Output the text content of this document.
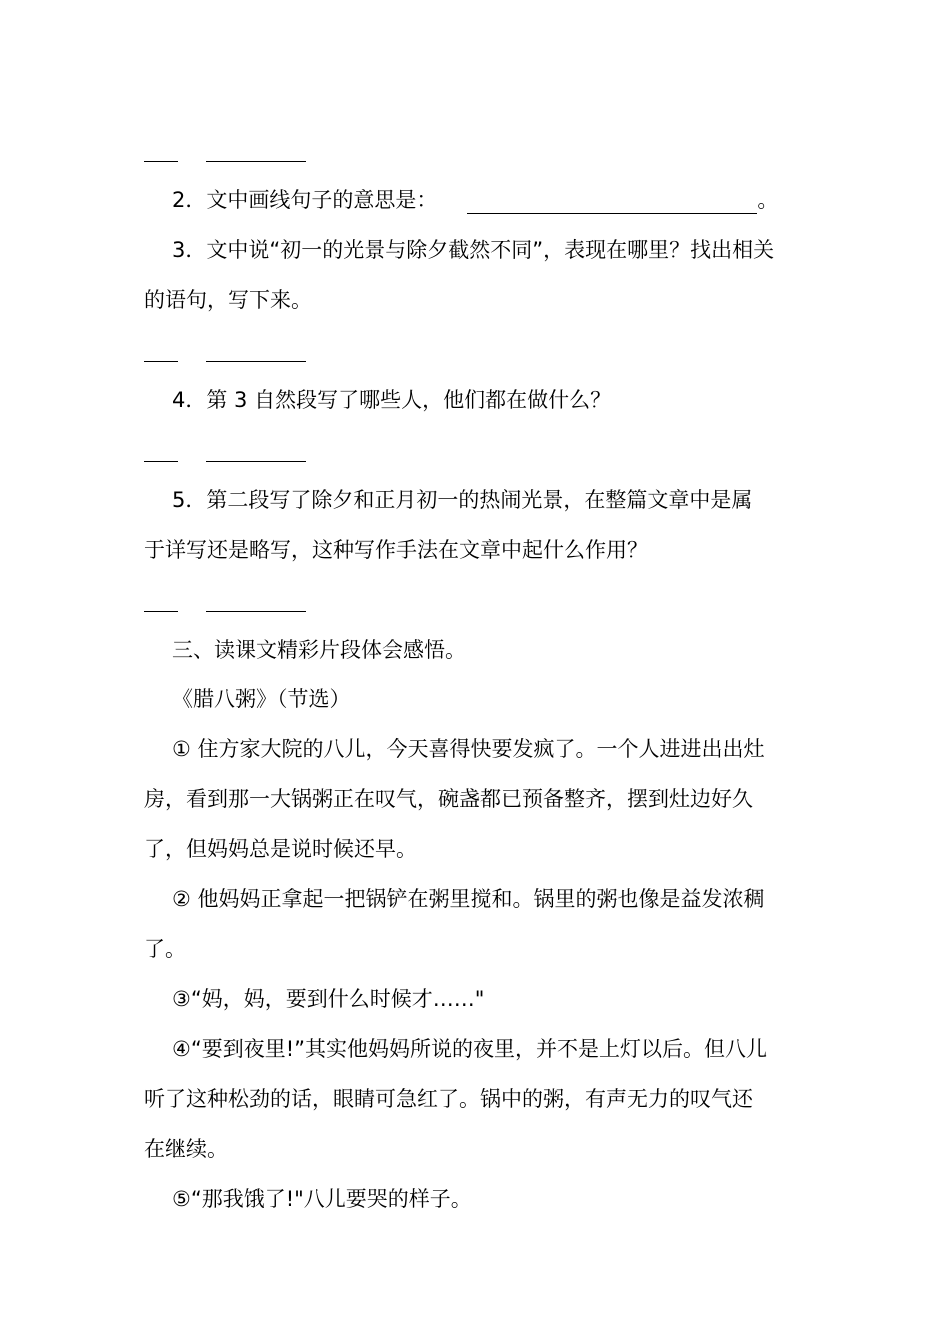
2．文中画线句子的意思是：	。
3．文中说“初一的光景与除夕截然不同”，表现在哪里？找出相关
的语句，写下来。
4．第 3 自然段写了哪些人，他们都在做什么？
5．第二段写了除夕和正月初一的热闹光景，在整篇文章中是属
于详写还是略写，这种写作手法在文章中起什么作用？
三、读课文精彩片段体会感悟。
《腊八粥》（节选）
① 住方家大院的八儿，今天喜得快要发疯了。一个人进进出出灶
房，看到那一大锅粥正在叹气，碗盏都已预备整齐，摆到灶边好久
了，但妈妈总是说时候还早。
② 他妈妈正拿起一把锅铲在粥里搅和。锅里的粥也像是益发浓稠
了。
③“妈，妈，要到什么时候才……"
④“要到夜里!”其实他妈妈所说的夜里，并不是上灯以后。但八儿
听了这种松劲的话，眼睛可急红了。锅中的粥，有声无力的叹气还
在继续。
⑤“那我饿了!"八儿要哭的样子。
